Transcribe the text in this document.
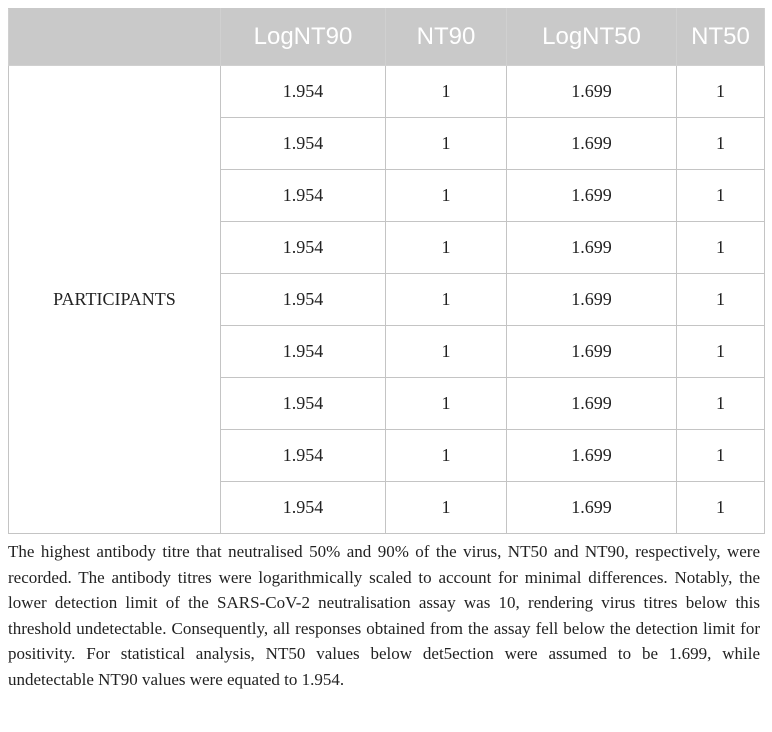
	LogNT90	NT90	LogNT50	NT50
PARTICIPANTS	1.954	1	1.699	1
	1.954	1	1.699	1
	1.954	1	1.699	1
	1.954	1	1.699	1
	1.954	1	1.699	1
	1.954	1	1.699	1
	1.954	1	1.699	1
	1.954	1	1.699	1
	1.954	1	1.699	1

The highest antibody titre that neutralised 50% and 90% of the virus, NT50 and NT90, respectively, were recorded. The antibody titres were logarithmically scaled to account for minimal differences. Notably, the lower detection limit of the SARS-CoV-2 neutralisation assay was 10, rendering virus titres below this threshold undetectable. Consequently, all responses obtained from the assay fell below the detection limit for positivity. For statistical analysis, NT50 values below det5ection were assumed to be 1.699, while undetectable NT90 values were equated to 1.954.
